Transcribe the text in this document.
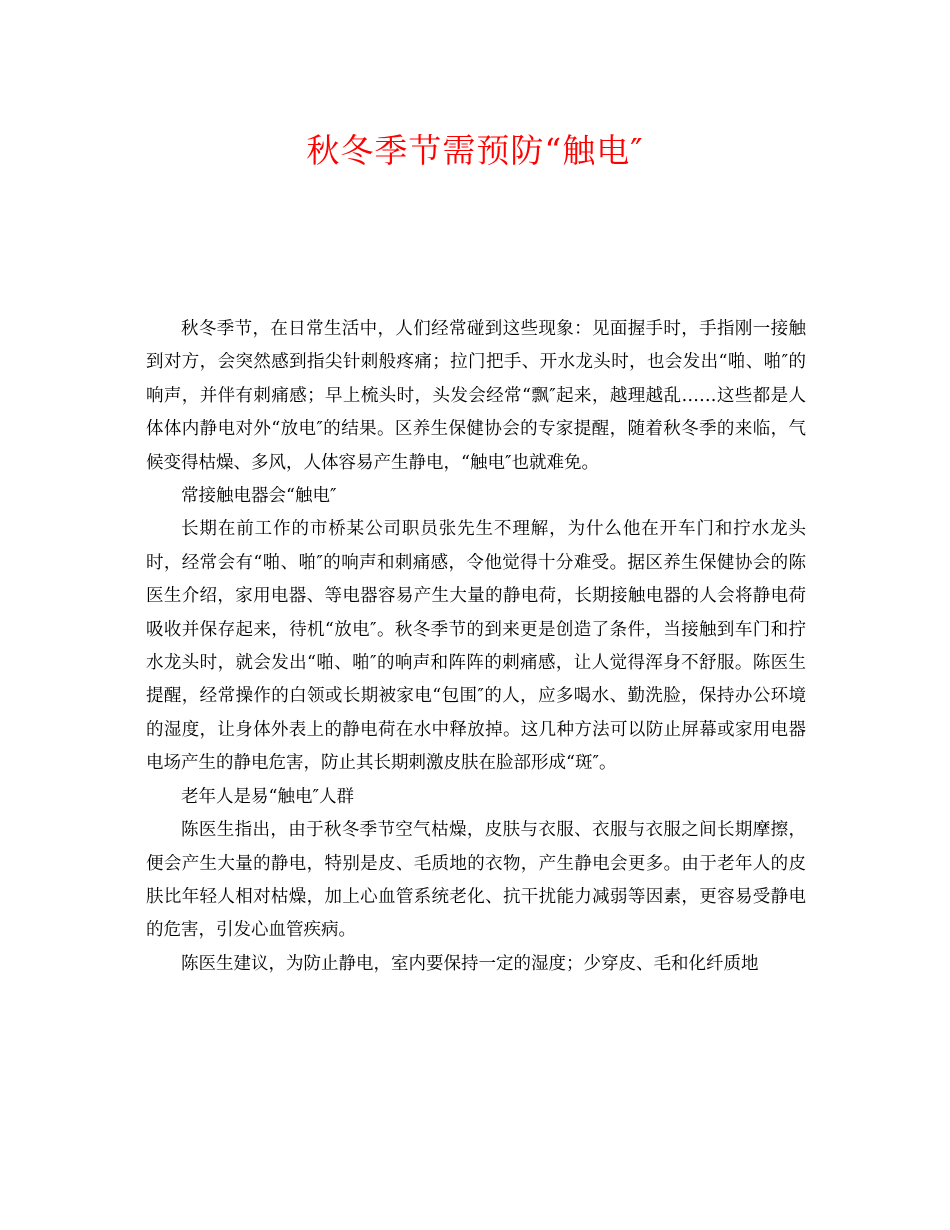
秋冬季节需预防“触电″

秋冬季节，在日常生活中，人们经常碰到这些现象：见面握手时，手指刚一接触到对方，会突然感到指尖针刺般疼痛；拉门把手、开水龙头时，也会发出“啪、啪″的响声，并伴有刺痛感；早上梳头时，头发会经常“飘″起来，越理越乱……这些都是人体体内静电对外“放电″的结果。区养生保健协会的专家提醒，随着秋冬季的来临，气候变得枯燥、多风，人体容易产生静电，“触电″也就难免。

常接触电器会“触电″

长期在前工作的市桥某公司职员张先生不理解，为什么他在开车门和拧水龙头时，经常会有“啪、啪″的响声和刺痛感，令他觉得十分难受。据区养生保健协会的陈医生介绍，家用电器、等电器容易产生大量的静电荷，长期接触电器的人会将静电荷吸收并保存起来，待机“放电″。秋冬季节的到来更是创造了条件，当接触到车门和拧水龙头时，就会发出“啪、啪″的响声和阵阵的刺痛感，让人觉得浑身不舒服。陈医生提醒，经常操作的白领或长期被家电“包围″的人，应多喝水、勤洗脸，保持办公环境的湿度，让身体外表上的静电荷在水中释放掉。这几种方法可以防止屏幕或家用电器电场产生的静电危害，防止其长期刺激皮肤在脸部形成“斑″。

老年人是易“触电″人群

陈医生指出，由于秋冬季节空气枯燥，皮肤与衣服、衣服与衣服之间长期摩擦，便会产生大量的静电，特别是皮、毛质地的衣物，产生静电会更多。由于老年人的皮肤比年轻人相对枯燥，加上心血管系统老化、抗干扰能力减弱等因素，更容易受静电的危害，引发心血管疾病。

陈医生建议，为防止静电，室内要保持一定的湿度；少穿皮、毛和化纤质地
